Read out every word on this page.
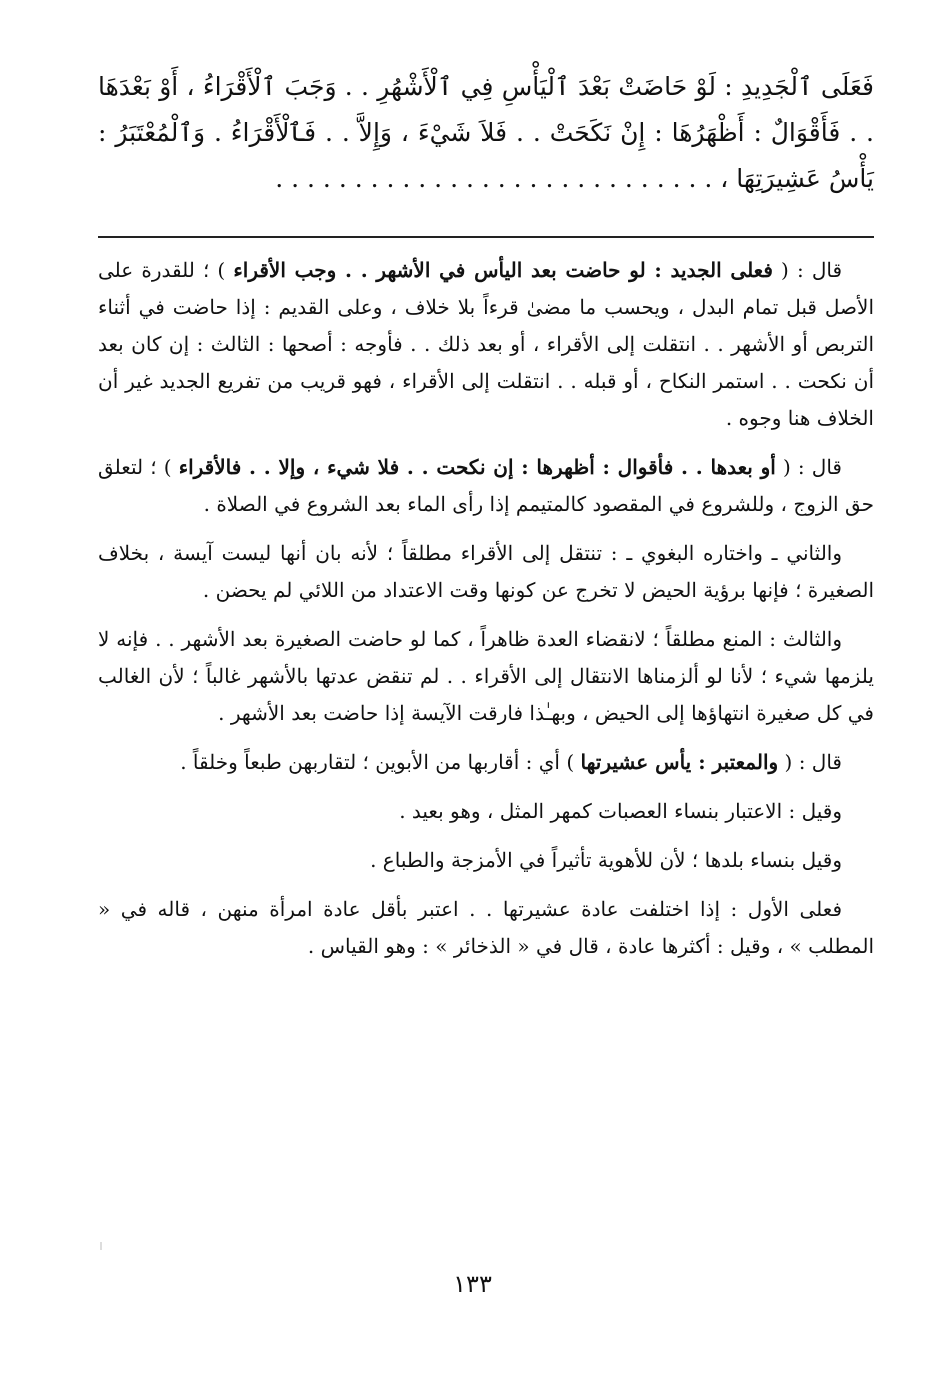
فَعَلَى ٱلْجَدِيدِ : لَوْ حَاضَتْ بَعْدَ ٱلْيَأْسِ فِي ٱلْأَشْهُرِ . . وَجَبَ ٱلْأَقْرَاءُ ، أَوْ بَعْدَهَا . . فَأَقْوَالٌ : أَظْهَرُهَا : إِنْ نَكَحَتْ . . فَلاَ شَيْءَ ، وَإِلاَّ . . فَٱلْأَقْرَاءُ . وَٱلْمُعْتَبَرُ : يَأْسُ عَشِيرَتِهَا ، . . . . . . . . . . . . . . . . . . . . . . . . . . . .

قال : ( فعلى الجديد : لو حاضت بعد اليأس في الأشهر . . وجب الأقراء ) ؛ للقدرة على الأصل قبل تمام البدل ، ويحسب ما مضىٰ قرءاً بلا خلاف ، وعلى القديم : إذا حاضت في أثناء التربص أو الأشهر . . انتقلت إلى الأقراء ، أو بعد ذلك . . فأوجه : أصحها : الثالث : إن كان بعد أن نكحت . . استمر النكاح ، أو قبله . . انتقلت إلى الأقراء ، فهو قريب من تفريع الجديد غير أن الخلاف هنا وجوه .

قال : ( أو بعدها . . فأقوال : أظهرها : إن نكحت . . فلا شيء ، وإلا . . فالأقراء ) ؛ لتعلق حق الزوج ، وللشروع في المقصود كالمتيمم إذا رأى الماء بعد الشروع في الصلاة .

والثاني ـ واختاره البغوي ـ : تنتقل إلى الأقراء مطلقاً ؛ لأنه بان أنها ليست آيسة ، بخلاف الصغيرة ؛ فإنها برؤية الحيض لا تخرج عن كونها وقت الاعتداد من اللائي لم يحضن .

والثالث : المنع مطلقاً ؛ لانقضاء العدة ظاهراً ، كما لو حاضت الصغيرة بعد الأشهر . . فإنه لا يلزمها شيء ؛ لأنا لو ألزمناها الانتقال إلى الأقراء . . لم تنقض عدتها بالأشهر غالباً ؛ لأن الغالب في كل صغيرة انتهاؤها إلى الحيض ، وبهـٰذا فارقت الآيسة إذا حاضت بعد الأشهر .

قال : ( والمعتبر : يأس عشيرتها ) أي : أقاربها من الأبوين ؛ لتقاربهن طبعاً وخلقاً .

وقيل : الاعتبار بنساء العصبات كمهر المثل ، وهو بعيد .

وقيل بنساء بلدها ؛ لأن للأهوية تأثيراً في الأمزجة والطباع .

فعلى الأول : إذا اختلفت عادة عشيرتها . . اعتبر بأقل عادة امرأة منهن ، قاله في « المطلب » ، وقيل : أكثرها عادة ، قال في « الذخائر » : وهو القياس .

١٣٣
